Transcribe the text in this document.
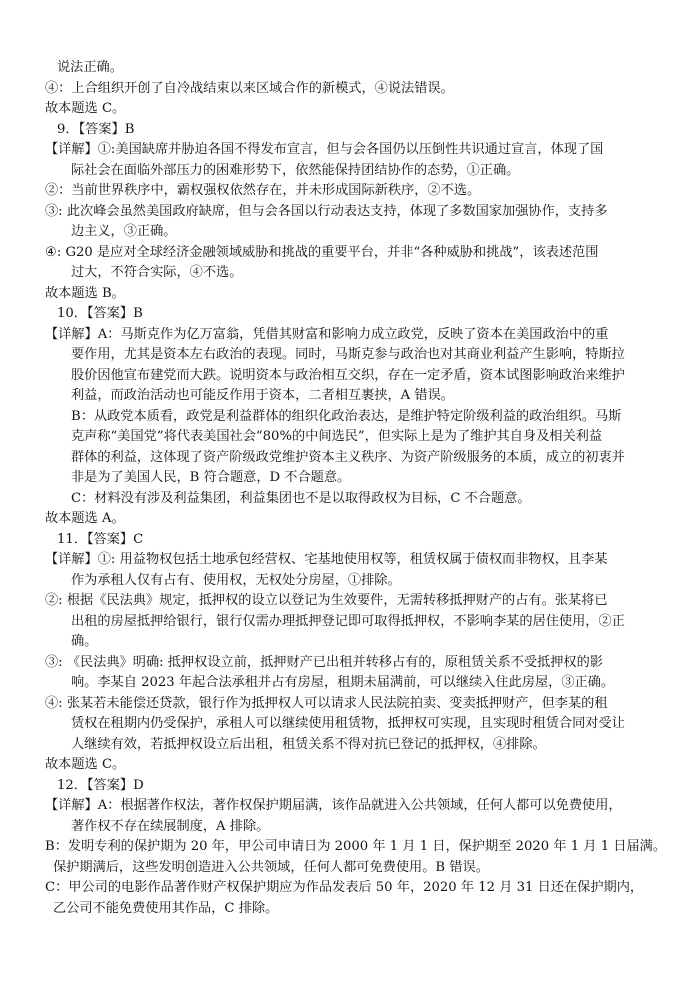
说法正确。
④：上合组织开创了自冷战结束以来区域合作的新模式，④说法错误。
故本题选 C。
9．【答案】B
【详解】①:美国缺席并胁迫各国不得发布宣言，但与会各国仍以压倒性共识通过宣言，体现了国
际社会在面临外部压力的困难形势下，依然能保持团结协作的态势，①正确。
②：当前世界秩序中，霸权强权依然存在，并未形成国际新秩序，②不选。
③: 此次峰会虽然美国政府缺席，但与会各国以行动表达支持，体现了多数国家加强协作，支持多
边主义，③正确。
④: G20 是应对全球经济金融领域威胁和挑战的重要平台，并非“各种威胁和挑战”，该表述范围
过大，不符合实际，④不选。
故本题选 B。
10．【答案】B
【详解】A：马斯克作为亿万富翁，凭借其财富和影响力成立政党，反映了资本在美国政治中的重
要作用，尤其是资本左右政治的表现。同时，马斯克参与政治也对其商业利益产生影响，特斯拉
股价因他宣布建党而大跌。说明资本与政治相互交织，存在一定矛盾，资本试图影响政治来维护
利益，而政治活动也可能反作用于资本，二者相互裹挟，A 错误。
B：从政党本质看，政党是利益群体的组织化政治表达，是维护特定阶级利益的政治组织。马斯
克声称“美国党”将代表美国社会“80%的中间选民”，但实际上是为了维护其自身及相关利益
群体的利益，这体现了资产阶级政党维护资本主义秩序、为资产阶级服务的本质，成立的初衷并
非是为了美国人民，B 符合题意，D 不合题意。
C：材料没有涉及利益集团，利益集团也不是以取得政权为目标，C 不合题意。
故本题选 A。
11．【答案】C
【详解】①: 用益物权包括土地承包经营权、宅基地使用权等，租赁权属于债权而非物权，且李某
作为承租人仅有占有、使用权，无权处分房屋，①排除。
②: 根据《民法典》规定，抵押权的设立以登记为生效要件，无需转移抵押财产的占有。张某将已
出租的房屋抵押给银行，银行仅需办理抵押登记即可取得抵押权，不影响李某的居住使用，②正
确。
③: 《民法典》明确: 抵押权设立前，抵押财产已出租并转移占有的，原租赁关系不受抵押权的影
响。李某自 2023 年起合法承租并占有房屋，租期未届满前，可以继续入住此房屋，③正确。
④: 张某若未能偿还贷款，银行作为抵押权人可以请求人民法院拍卖、变卖抵押财产，但李某的租
赁权在租期内仍受保护，承租人可以继续使用租赁物，抵押权可实现，且实现时租赁合同对受让
人继续有效，若抵押权设立后出租，租赁关系不得对抗已登记的抵押权，④排除。
故本题选 C。
12．【答案】D
【详解】A：根据著作权法，著作权保护期届满，该作品就进入公共领域，任何人都可以免费使用，
著作权不存在续展制度，A 排除。
B：发明专利的保护期为 20 年，甲公司申请日为 2000 年 1 月 1 日，保护期至 2020 年 1 月 1 日届满。
保护期满后，这些发明创造进入公共领域，任何人都可免费使用。B 错误。
C：甲公司的电影作品著作财产权保护期应为作品发表后 50 年，2020 年 12 月 31 日还在保护期内，
乙公司不能免费使用其作品，C 排除。
